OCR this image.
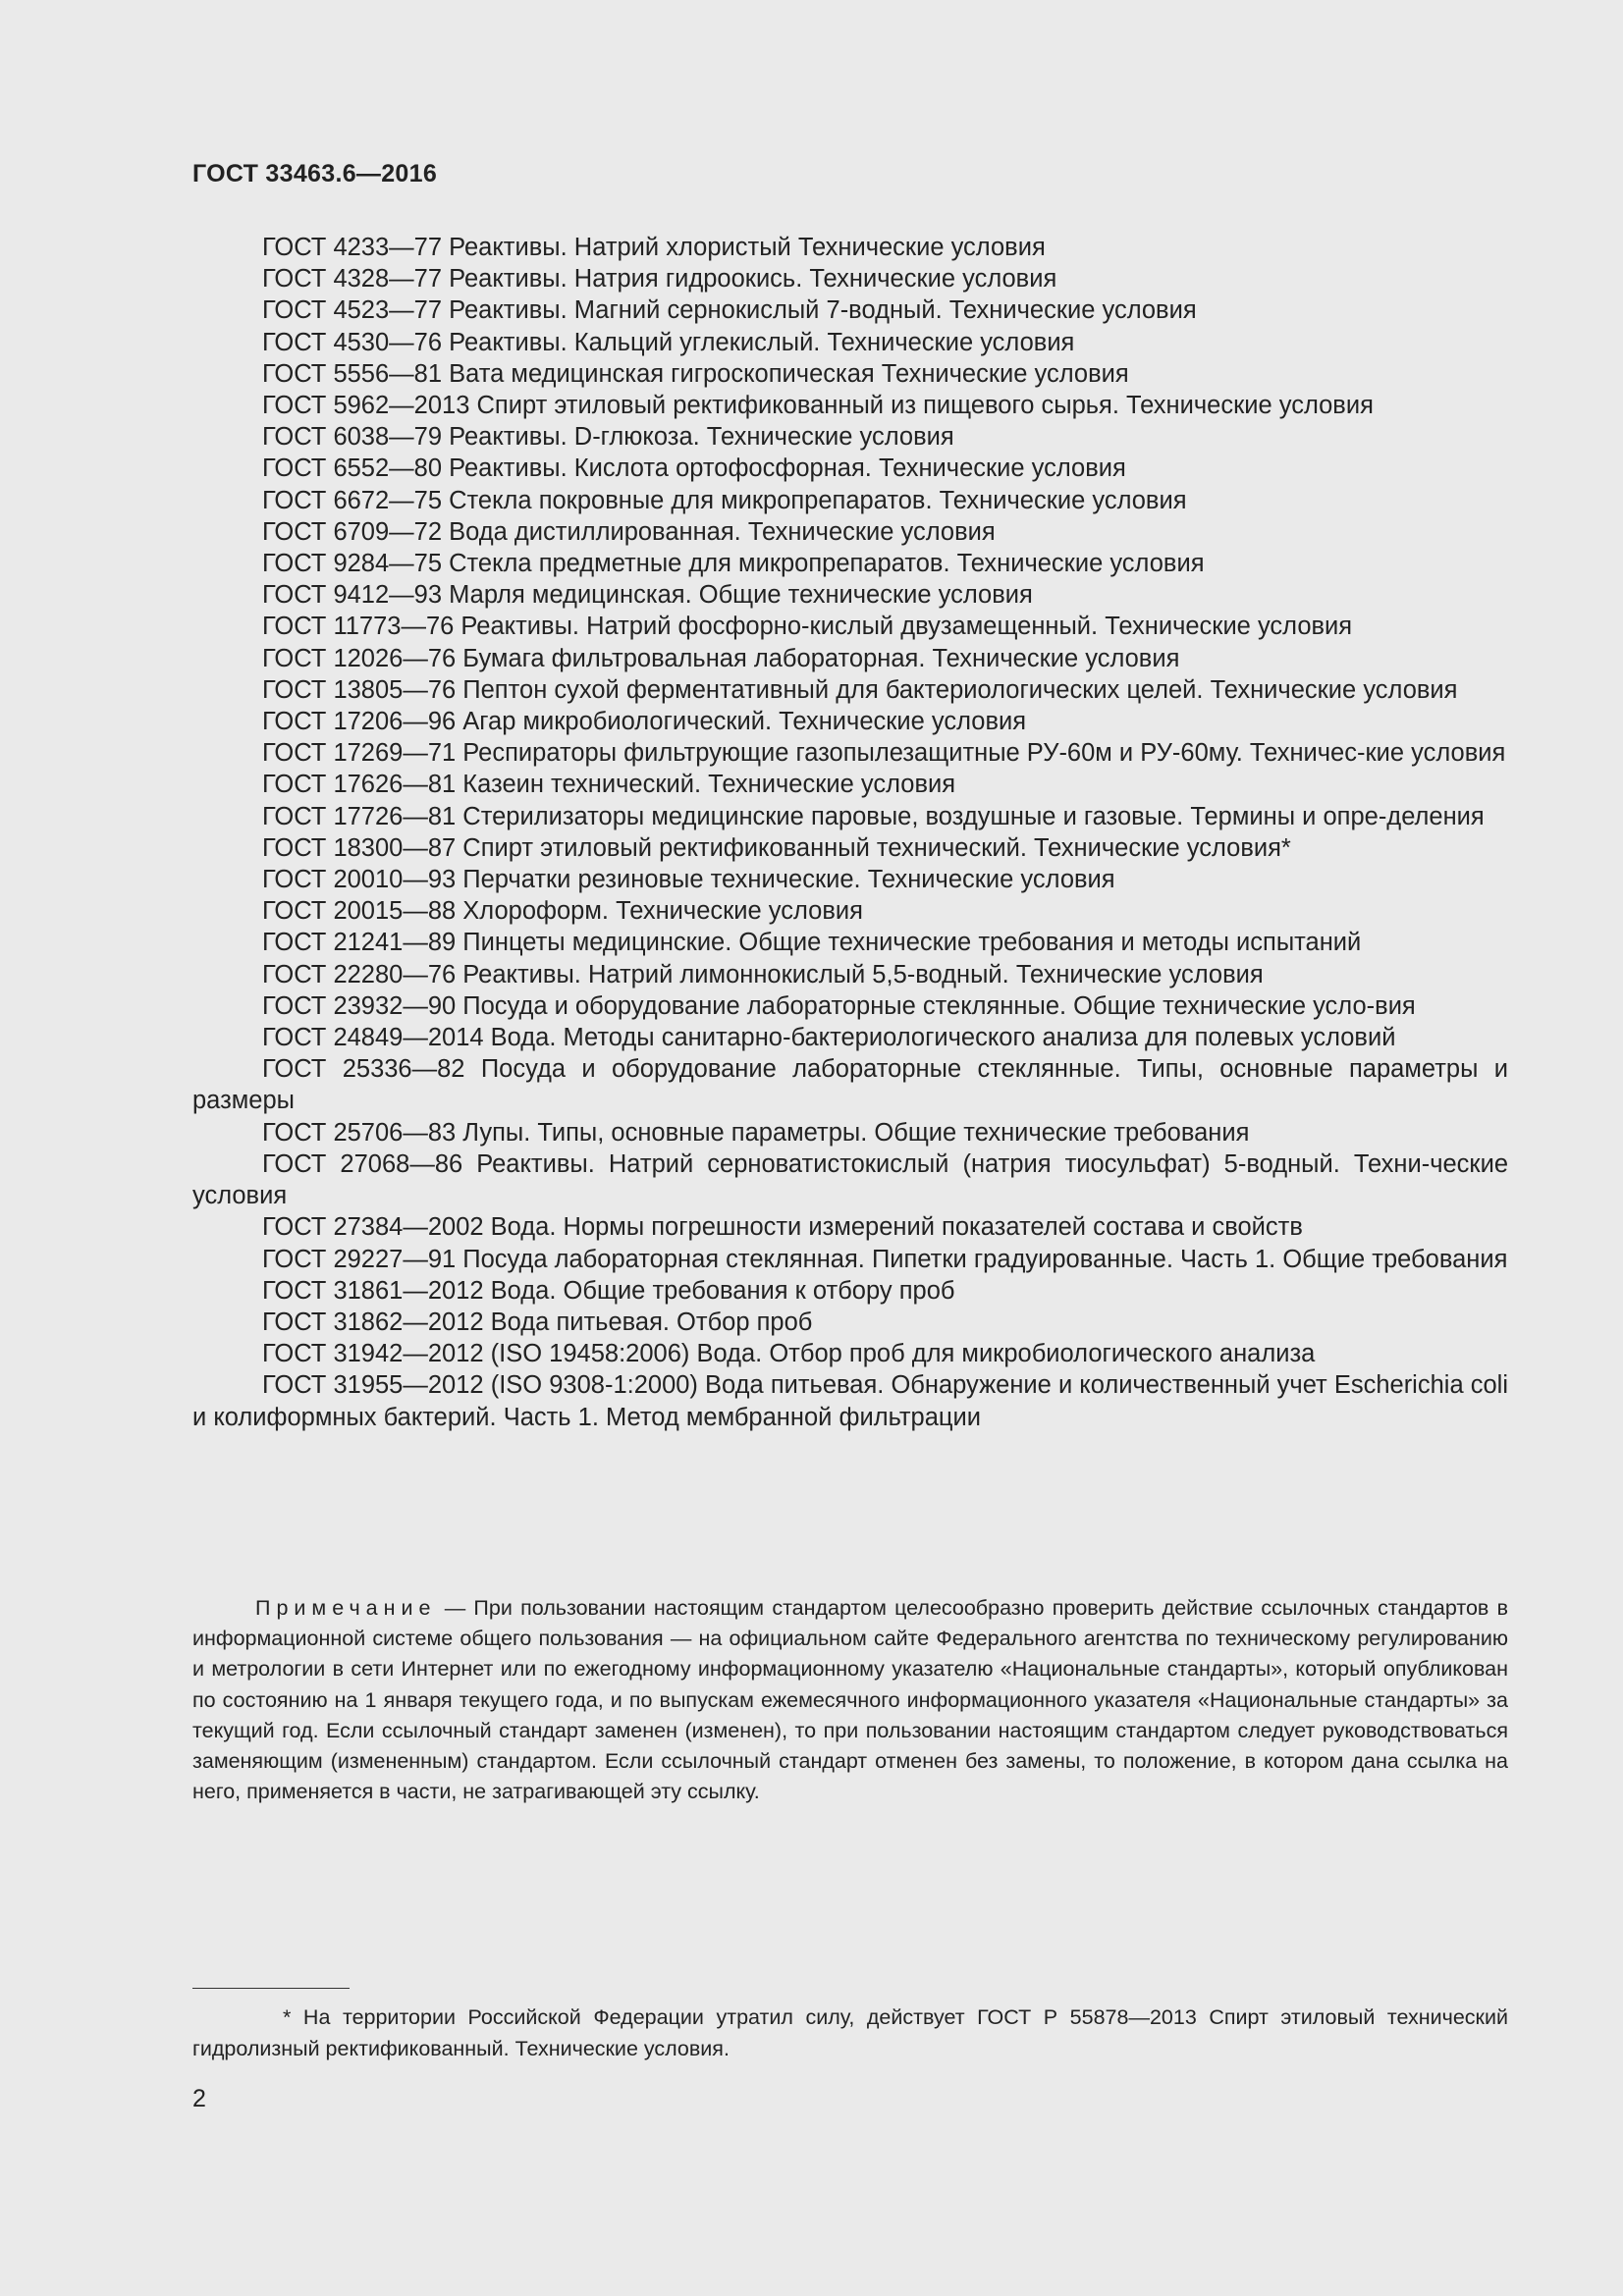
ГОСТ 33463.6—2016
ГОСТ 4233—77 Реактивы. Натрий хлористый Технические условия
ГОСТ 4328—77 Реактивы. Натрия гидроокись. Технические условия
ГОСТ 4523—77 Реактивы. Магний сернокислый 7-водный. Технические условия
ГОСТ 4530—76 Реактивы. Кальций углекислый. Технические условия
ГОСТ 5556—81 Вата медицинская гигроскопическая Технические условия
ГОСТ 5962—2013 Спирт этиловый ректификованный из пищевого сырья. Технические условия
ГОСТ 6038—79 Реактивы. D-глюкоза. Технические условия
ГОСТ 6552—80 Реактивы. Кислота ортофосфорная. Технические условия
ГОСТ 6672—75 Стекла покровные для микропрепаратов. Технические условия
ГОСТ 6709—72 Вода дистиллированная. Технические условия
ГОСТ 9284—75 Стекла предметные для микропрепаратов. Технические условия
ГОСТ 9412—93 Марля медицинская. Общие технические условия
ГОСТ 11773—76 Реактивы. Натрий фосфорно-кислый двузамещенный. Технические условия
ГОСТ 12026—76 Бумага фильтровальная лабораторная. Технические условия
ГОСТ 13805—76 Пептон сухой ферментативный для бактериологических целей. Технические условия
ГОСТ 17206—96 Агар микробиологический. Технические условия
ГОСТ 17269—71 Респираторы фильтрующие газопылезащитные РУ-60м и РУ-60му. Техничес-кие условия
ГОСТ 17626—81 Казеин технический. Технические условия
ГОСТ 17726—81 Стерилизаторы медицинские паровые, воздушные и газовые. Термины и опре-деления
ГОСТ 18300—87 Спирт этиловый ректификованный технический. Технические условия*
ГОСТ 20010—93 Перчатки резиновые технические. Технические условия
ГОСТ 20015—88 Хлороформ. Технические условия
ГОСТ 21241—89 Пинцеты медицинские. Общие технические требования и методы испытаний
ГОСТ 22280—76 Реактивы. Натрий лимоннокислый 5,5-водный. Технические условия
ГОСТ 23932—90 Посуда и оборудование лабораторные стеклянные. Общие технические усло-вия
ГОСТ 24849—2014 Вода. Методы санитарно-бактериологического анализа для полевых условий
ГОСТ 25336—82 Посуда и оборудование лабораторные стеклянные. Типы, основные параметры и размеры
ГОСТ 25706—83 Лупы. Типы, основные параметры. Общие технические требования
ГОСТ 27068—86 Реактивы. Натрий серноватистокислый (натрия тиосульфат) 5-водный. Техни-ческие условия
ГОСТ 27384—2002 Вода. Нормы погрешности измерений показателей состава и свойств
ГОСТ 29227—91 Посуда лабораторная стеклянная. Пипетки градуированные. Часть 1. Общие требования
ГОСТ 31861—2012 Вода. Общие требования к отбору проб
ГОСТ 31862—2012 Вода питьевая. Отбор проб
ГОСТ 31942—2012 (ISO 19458:2006) Вода. Отбор проб для микробиологического анализа
ГОСТ 31955—2012 (ISO 9308-1:2000) Вода питьевая. Обнаружение и количественный учет Escherichia coli и колиформных бактерий. Часть 1. Метод мембранной фильтрации
Примечание — При пользовании настоящим стандартом целесообразно проверить действие ссылочных стандартов в информационной системе общего пользования — на официальном сайте Федерального агентства по техническому регулированию и метрологии в сети Интернет или по ежегодному информационному указателю «Национальные стандарты», который опубликован по состоянию на 1 января текущего года, и по выпускам ежемесячного информационного указателя «Национальные стандарты» за текущий год. Если ссылочный стандарт заменен (изменен), то при пользовании настоящим стандартом следует руководствоваться заменяющим (измененным) стандартом. Если ссылочный стандарт отменен без замены, то положение, в котором дана ссылка на него, применяется в части, не затрагивающей эту ссылку.
* На территории Российской Федерации утратил силу, действует ГОСТ Р 55878—2013 Спирт этиловый технический гидролизный ректификованный. Технические условия.
2
